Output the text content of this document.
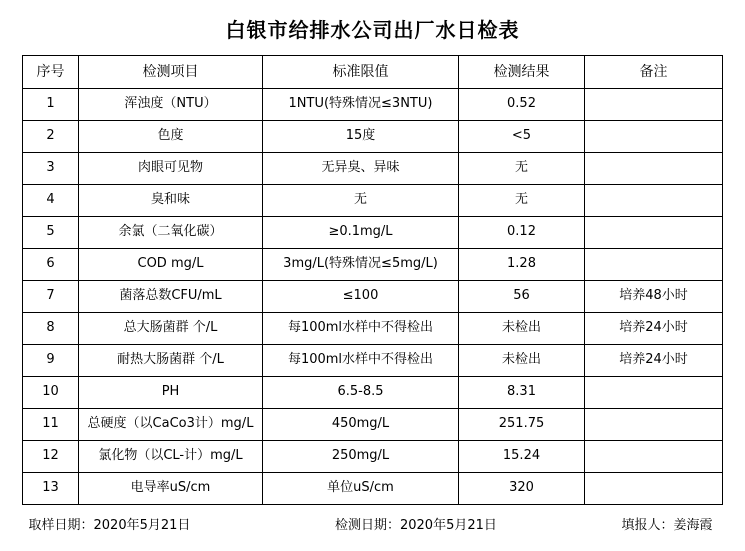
白银市给排水公司出厂水日检表
序号	检测项目	标准限值	检测结果	备注
1	浑浊度（NTU）	1NTU(特殊情况≤3NTU)	0.52	
2	色度	15度	<5	
3	肉眼可见物	无异臭、异味	无	
4	臭和味	无	无	
5	余氯（二氧化碳）	≥0.1mg/L	0.12	
6	COD mg/L	3mg/L(特殊情况≤5mg/L)	1.28	
7	菌落总数CFU/mL	≤100	56	培养48小时
8	总大肠菌群 个/L	每100ml水样中不得检出	未检出	培养24小时
9	耐热大肠菌群 个/L	每100ml水样中不得检出	未检出	培养24小时
10	PH	6.5-8.5	8.31	
11	总硬度（以CaCo3计）mg/L	450mg/L	251.75	
12	氯化物（以CL-计）mg/L	250mg/L	15.24	
13	电导率uS/cm	单位uS/cm	320	
取样日期：2020年5月21日	检测日期：2020年5月21日	填报人：姜海霞
